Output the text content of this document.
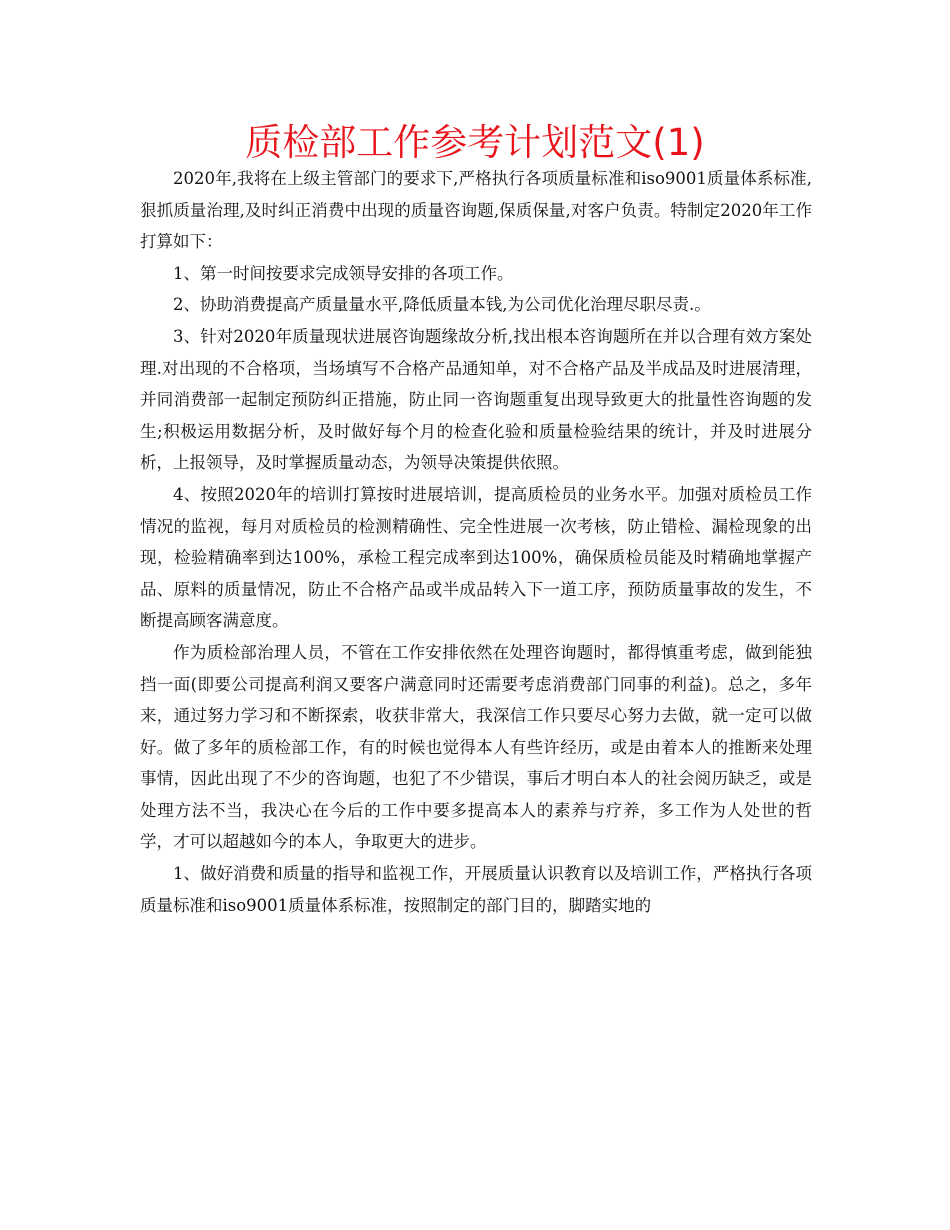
质检部工作参考计划范文(1)

2020年,我将在上级主管部门的要求下,严格执行各项质量标准和iso9001质量体系标准,狠抓质量治理,及时纠正消费中出现的质量咨询题,保质保量,对客户负责。特制定2020年工作打算如下：

1、第一时间按要求完成领导安排的各项工作。

2、协助消费提高产质量量水平,降低质量本钱,为公司优化治理尽职尽责.。

3、针对2020年质量现状进展咨询题缘故分析,找出根本咨询题所在并以合理有效方案处理.对出现的不合格项，当场填写不合格产品通知单，对不合格产品及半成品及时进展清理，并同消费部一起制定预防纠正措施，防止同一咨询题重复出现导致更大的批量性咨询题的发生;积极运用数据分析，及时做好每个月的检查化验和质量检验结果的统计，并及时进展分析，上报领导，及时掌握质量动态，为领导决策提供依照。

4、按照2020年的培训打算按时进展培训，提高质检员的业务水平。加强对质检员工作情况的监视，每月对质检员的检测精确性、完全性进展一次考核，防止错检、漏检现象的出现，检验精确率到达100%，承检工程完成率到达100%，确保质检员能及时精确地掌握产品、原料的质量情况，防止不合格产品或半成品转入下一道工序，预防质量事故的发生，不断提高顾客满意度。

作为质检部治理人员，不管在工作安排依然在处理咨询题时，都得慎重考虑，做到能独挡一面(即要公司提高利润又要客户满意同时还需要考虑消费部门同事的利益)。总之，多年来，通过努力学习和不断探索，收获非常大，我深信工作只要尽心努力去做，就一定可以做好。做了多年的质检部工作，有的时候也觉得本人有些许经历，或是由着本人的推断来处理事情，因此出现了不少的咨询题，也犯了不少错误，事后才明白本人的社会阅历缺乏，或是处理方法不当，我决心在今后的工作中要多提高本人的素养与疗养，多工作为人处世的哲学，才可以超越如今的本人，争取更大的进步。

1、做好消费和质量的指导和监视工作，开展质量认识教育以及培训工作，严格执行各项质量标准和iso9001质量体系标准，按照制定的部门目的，脚踏实地的
